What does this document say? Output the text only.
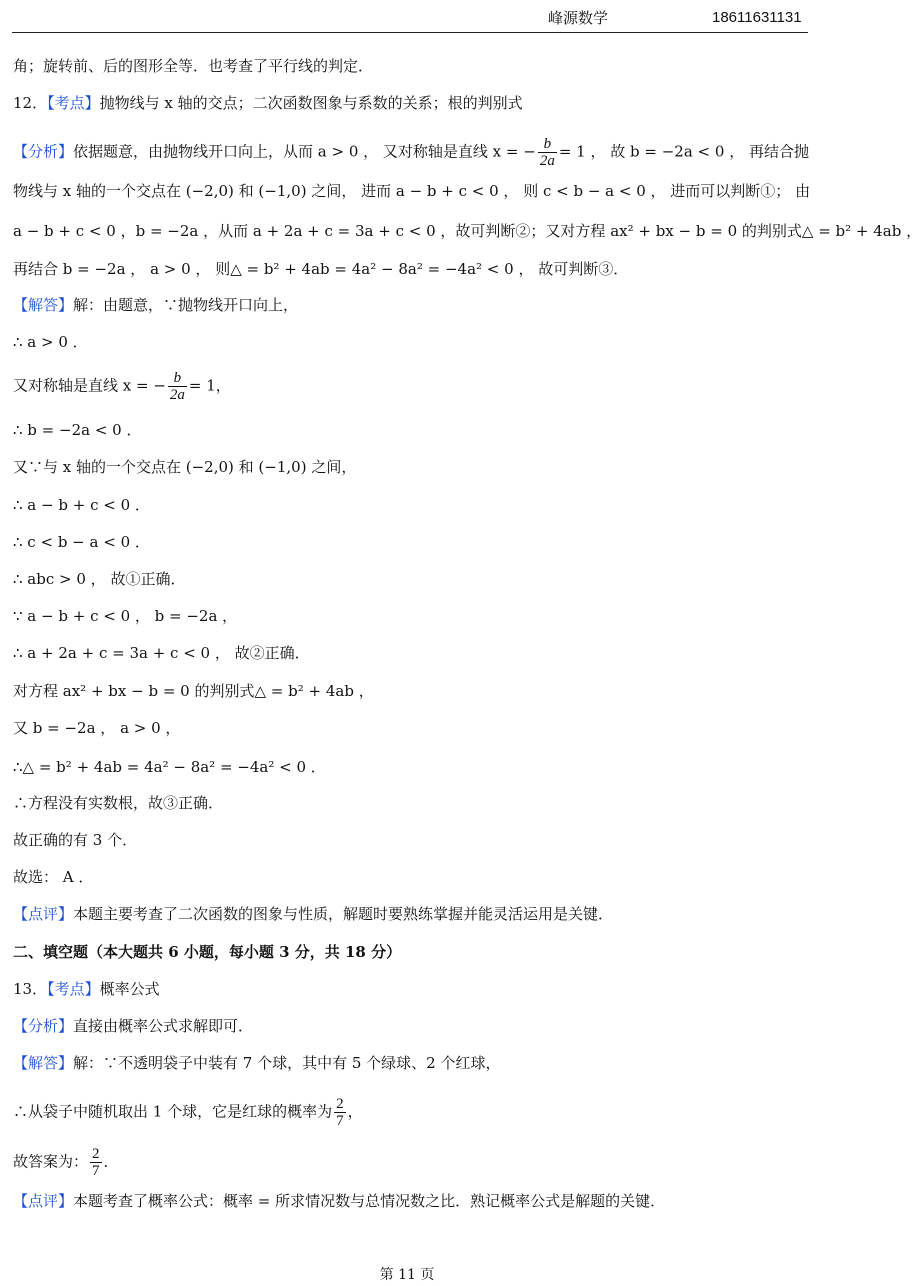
峰源数学	18611631131
角；旋转前、后的图形全等．也考查了平行线的判定．
12．【考点】抛物线与 x 轴的交点；二次函数图象与系数的关系；根的判别式
【分析】依据题意，由抛物线开口向上，从而 a > 0 ， 又对称轴是直线 x = − $\frac{b}{2a} = 1$ ， 故 b = −2a < 0 ， 再结合抛
物线与 x 轴的一个交点在 (−2,0) 和 (−1,0) 之间， 进而 a − b + c < 0 ， 则 c < b − a < 0 ， 进而可以判断①； 由
a − b + c < 0 ，b = −2a ，从而 a + 2a + c = 3a + c < 0 ，故可判断②；又对方程 ax² + bx − b = 0 的判别式△ = b² + 4ab ，
再结合 b = −2a ， a > 0 ， 则△ = b² + 4ab = 4a² − 8a² = −4a² < 0 ， 故可判断③．
【解答】解：由题意，∵抛物线开口向上，
∴ a > 0 ．
又对称轴是直线 x = − $\frac{b}{2a} = 1$，
∴ b = −2a < 0 ．
又∵与 x 轴的一个交点在 (−2,0) 和 (−1,0) 之间，
∴ a − b + c < 0 ．
∴ c < b − a < 0 ．
∴ abc > 0 ， 故①正确．
∵ a − b + c < 0 ， b = −2a ，
∴ a + 2a + c = 3a + c < 0 ， 故②正确．
对方程 ax² + bx − b = 0 的判别式△ = b² + 4ab ，
又 b = −2a ， a > 0 ，
∴△ = b² + 4ab = 4a² − 8a² = −4a² < 0 ．
∴方程没有实数根，故③正确．
故正确的有 3 个．
故选： A ．
【点评】本题主要考查了二次函数的图象与性质，解题时要熟练掌握并能灵活运用是关键．
二、填空题（本大题共 6 小题，每小题 3 分，共 18 分）
13．【考点】概率公式
【分析】直接由概率公式求解即可．
【解答】解：∵不透明袋子中装有 7 个球，其中有 5 个绿球、2 个红球，
∴从袋子中随机取出 1 个球，它是红球的概率为 $\frac{2}{7}$ ，
故答案为： $\frac{2}{7}$ ．
【点评】本题考查了概率公式：概率 = 所求情况数与总情况数之比．熟记概率公式是解题的关键．
第 11 页
